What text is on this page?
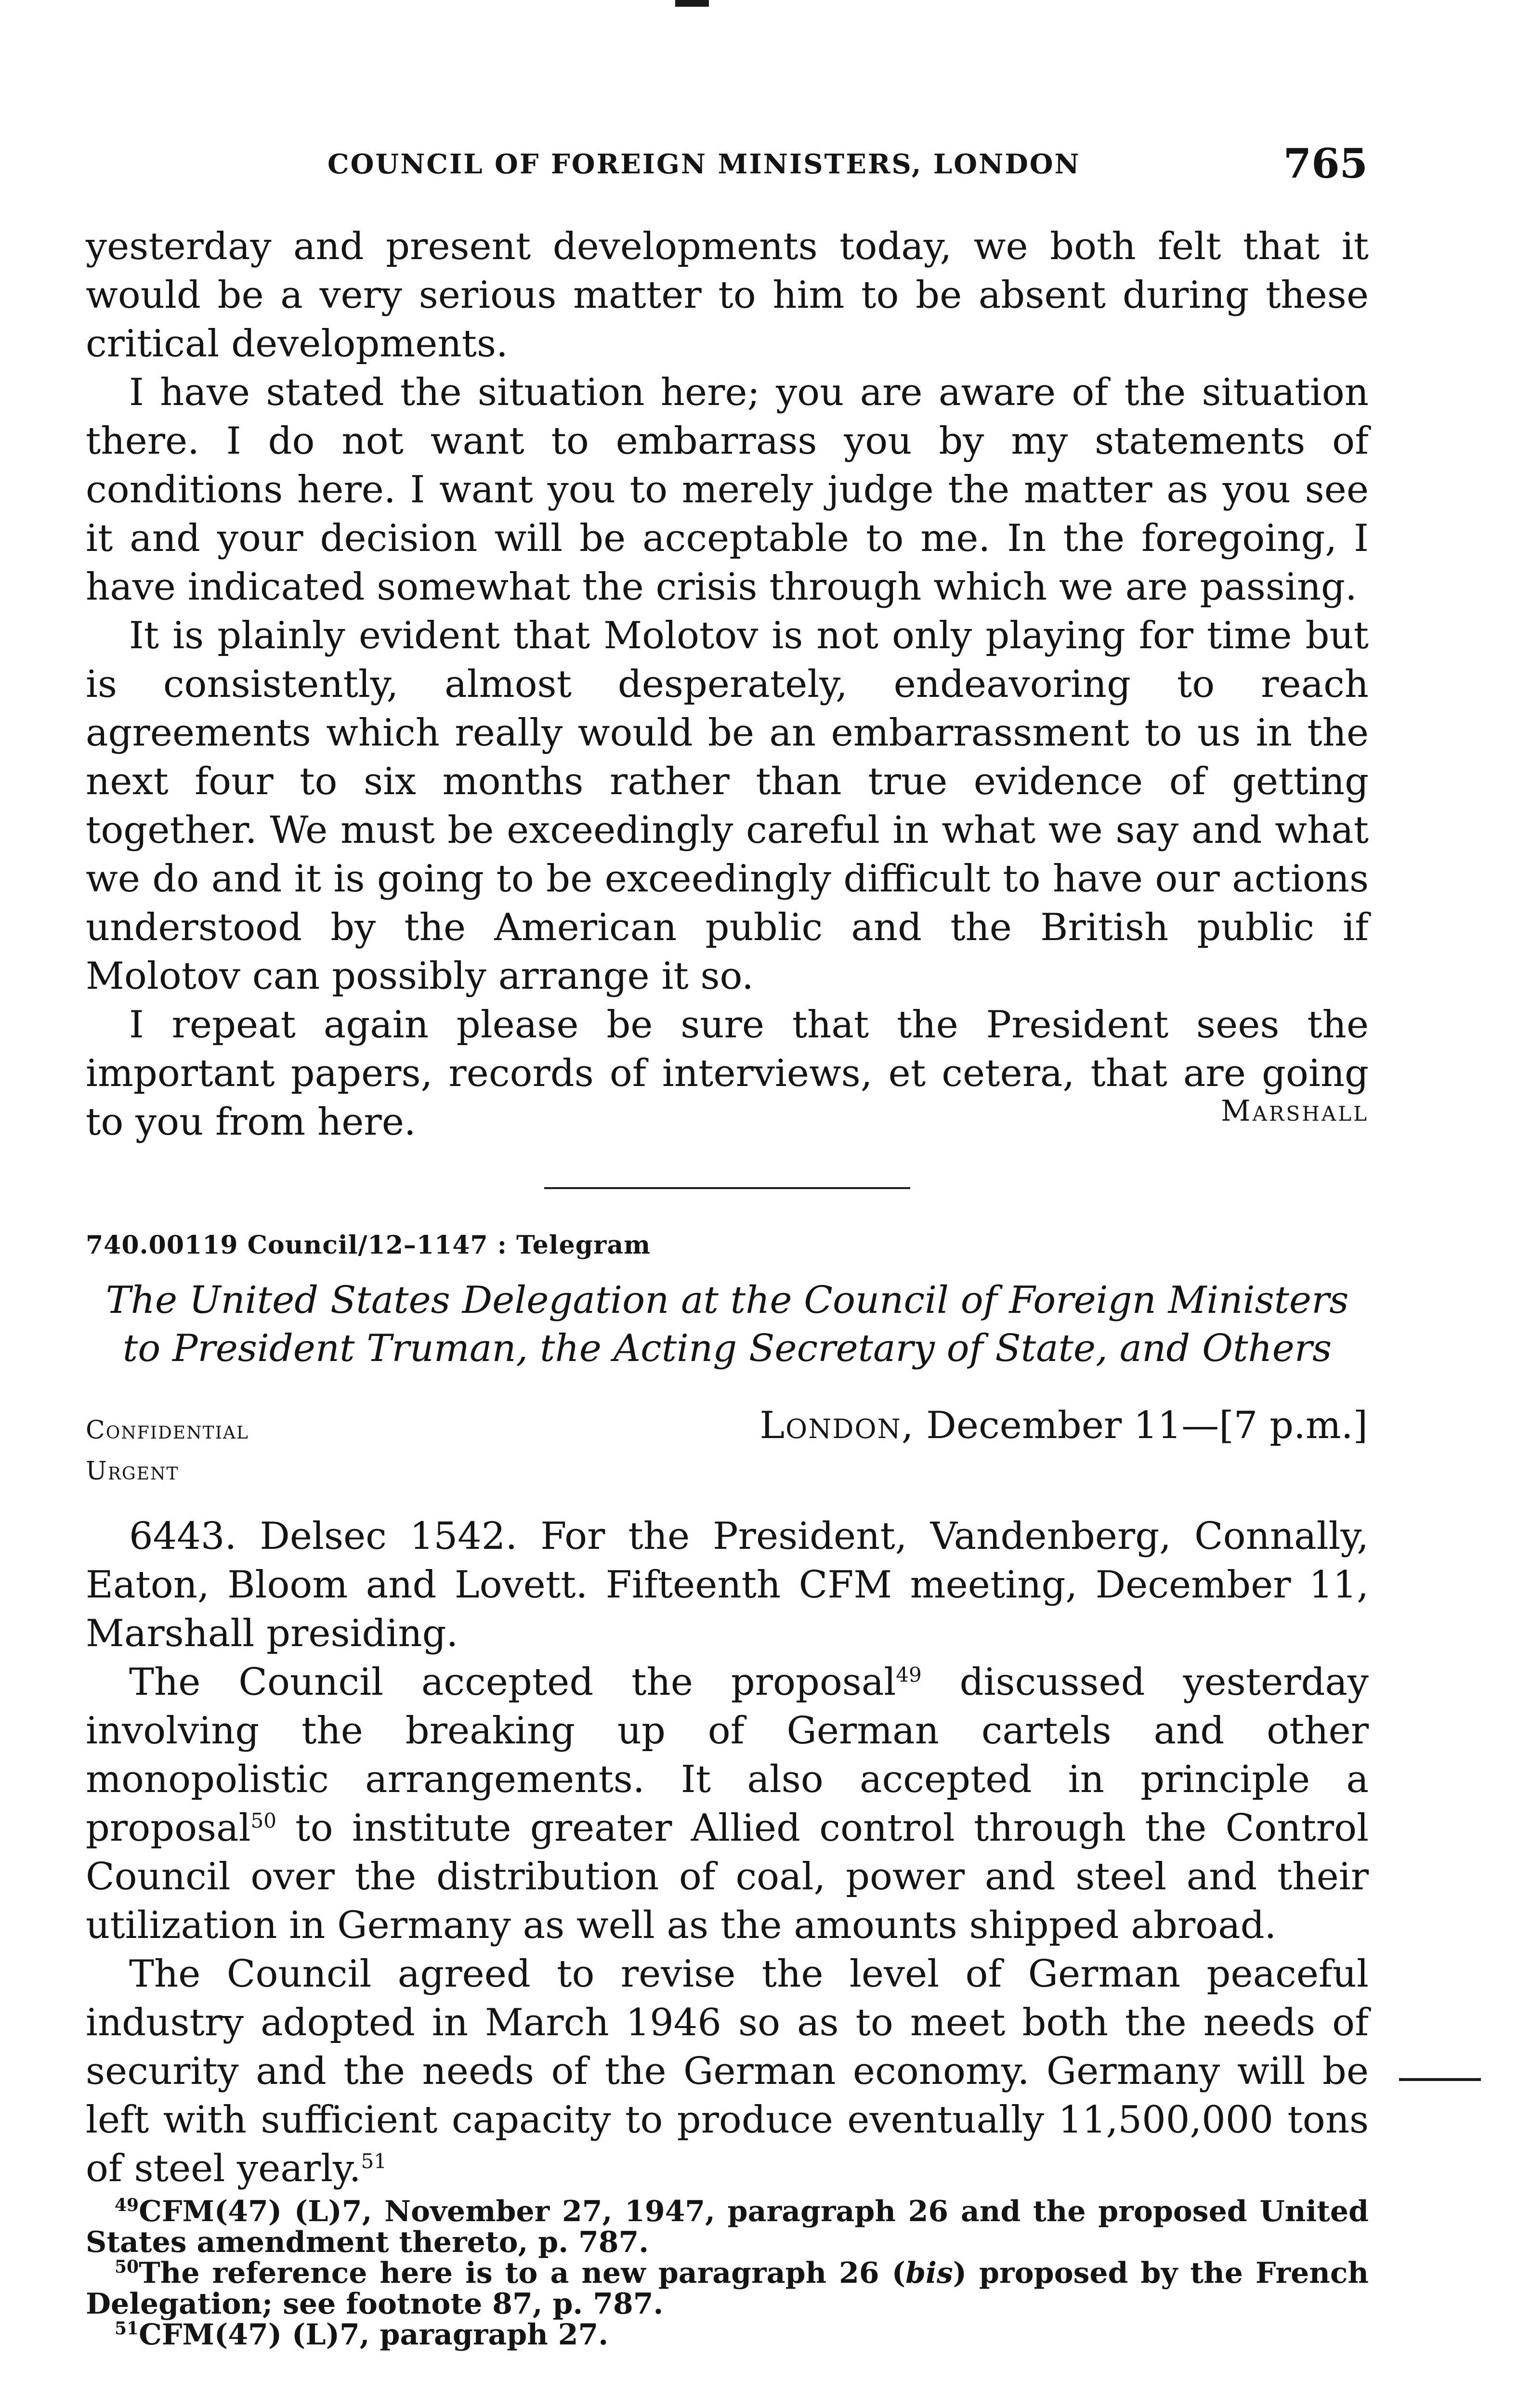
COUNCIL OF FOREIGN MINISTERS, LONDON	765

yesterday and present developments today, we both felt that it would be a very serious matter to him to be absent during these critical developments.

I have stated the situation here; you are aware of the situation there. I do not want to embarrass you by my statements of conditions here. I want you to merely judge the matter as you see it and your decision will be acceptable to me. In the foregoing, I have indicated somewhat the crisis through which we are passing.

It is plainly evident that Molotov is not only playing for time but is consistently, almost desperately, endeavoring to reach agreements which really would be an embarrassment to us in the next four to six months rather than true evidence of getting together. We must be exceedingly careful in what we say and what we do and it is going to be exceedingly difficult to have our actions understood by the American public and the British public if Molotov can possibly arrange it so.

I repeat again please be sure that the President sees the important papers, records of interviews, et cetera, that are going to you from here.	Marshall
740.00119 Council/12–1147 : Telegram
The United States Delegation at the Council of Foreign Ministers
to President Truman, the Acting Secretary of State, and Others
Confidential
Urgent
London, December 11—[7 p.m.]

6443. Delsec 1542. For the President, Vandenberg, Connally, Eaton, Bloom and Lovett. Fifteenth CFM meeting, December 11, Marshall presiding.

The Council accepted the proposal$^{49}$ discussed yesterday involving the breaking up of German cartels and other monopolistic arrangements. It also accepted in principle a proposal$^{50}$ to institute greater Allied control through the Control Council over the distribution of coal, power and steel and their utilization in Germany as well as the amounts shipped abroad.

The Council agreed to revise the level of German peaceful industry adopted in March 1946 so as to meet both the needs of security and the needs of the German economy. Germany will be left with sufficient capacity to produce eventually 11,500,000 tons of steel yearly.$^{51}$

$^{49}$CFM(47) (L)7, November 27, 1947, paragraph 26 and the proposed United States amendment thereto, p. 787.

$^{50}$The reference here is to a new paragraph 26 (bis) proposed by the French Delegation; see footnote 87, p. 787.

$^{51}$CFM(47) (L)7, paragraph 27.
